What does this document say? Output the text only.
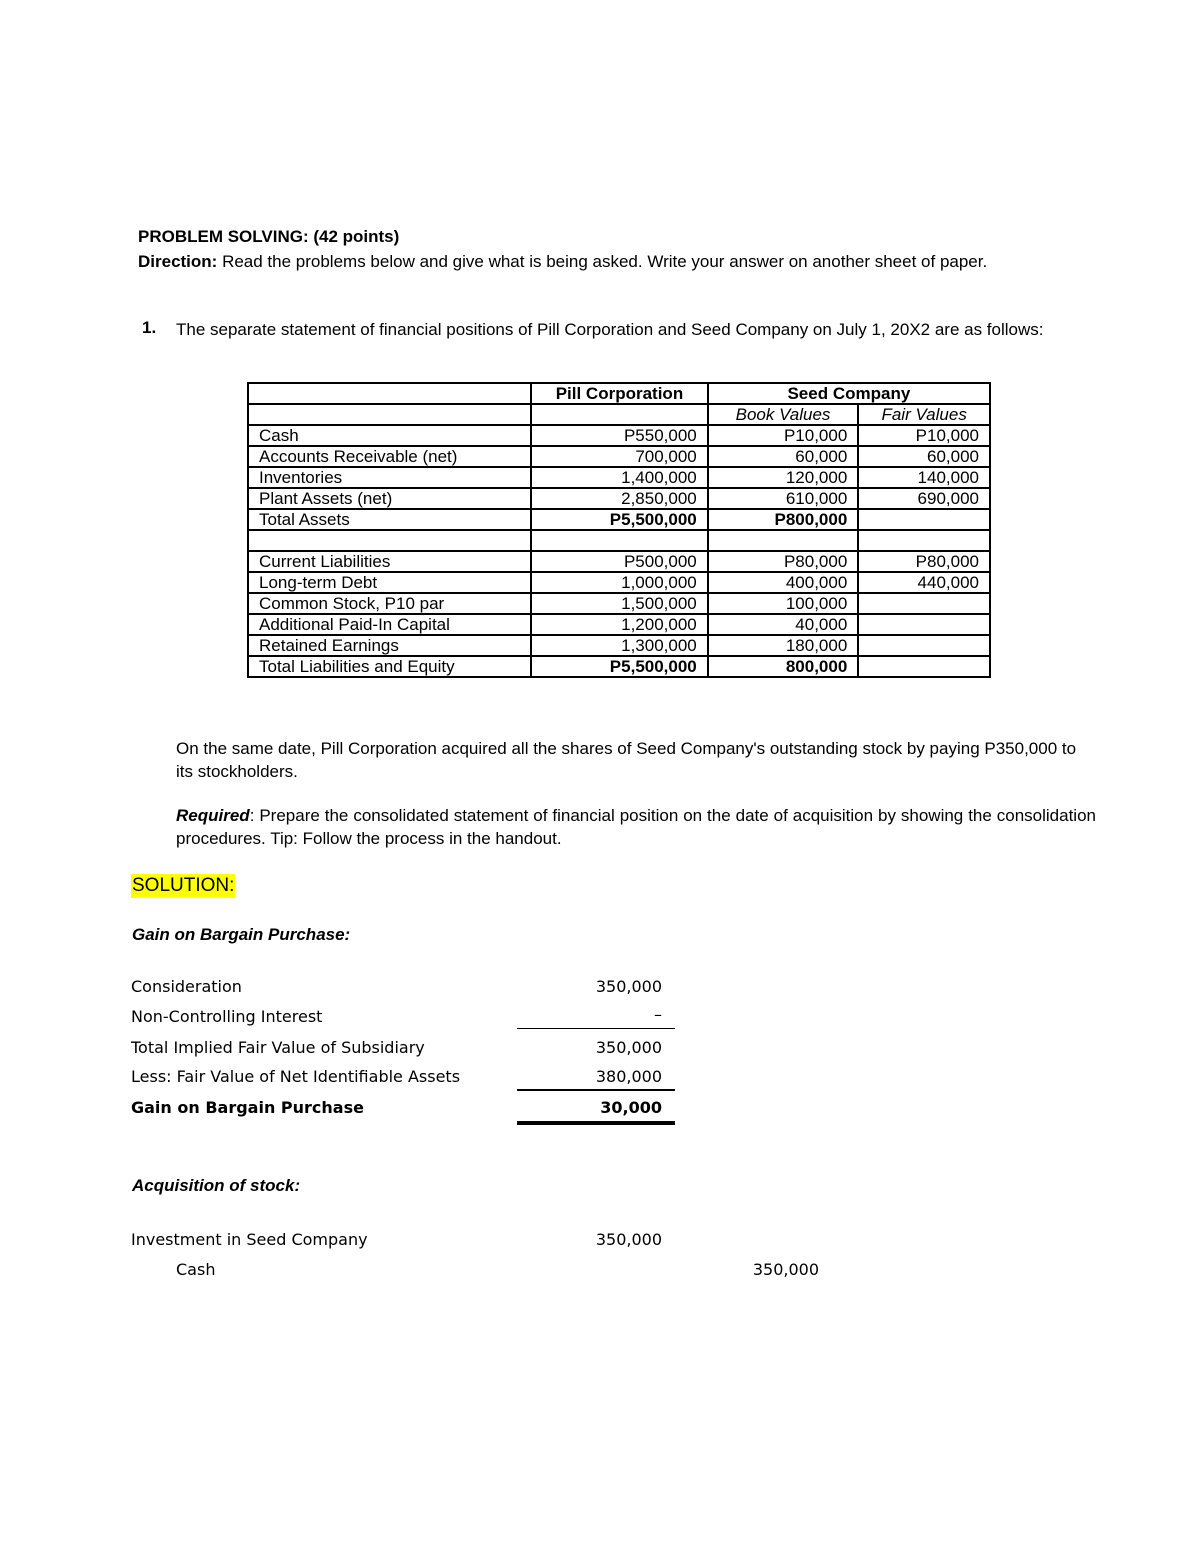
PROBLEM SOLVING: (42 points)
Direction: Read the problems below and give what is being asked. Write your answer on another sheet of paper.
1. The separate statement of financial positions of Pill Corporation and Seed Company on July 1, 20X2 are as follows:
	Pill Corporation	Seed Company	
		Book Values	Fair Values
Cash	P550,000	P10,000	P10,000
Accounts Receivable (net)	700,000	60,000	60,000
Inventories	1,400,000	120,000	140,000
Plant Assets (net)	2,850,000	610,000	690,000
Total Assets	P5,500,000	P800,000	

Current Liabilities	P500,000	P80,000	P80,000
Long-term Debt	1,000,000	400,000	440,000
Common Stock, P10 par	1,500,000	100,000	
Additional Paid-In Capital	1,200,000	40,000	
Retained Earnings	1,300,000	180,000	
Total Liabilities and Equity	P5,500,000	800,000	
On the same date, Pill Corporation acquired all the shares of Seed Company's outstanding stock by paying P350,000 to its stockholders.
Required: Prepare the consolidated statement of financial position on the date of acquisition by showing the consolidation procedures. Tip: Follow the process in the handout.
SOLUTION:
Gain on Bargain Purchase:
Consideration	350,000
Non-Controlling Interest	–
Total Implied Fair Value of Subsidiary	350,000
Less: Fair Value of Net Identifiable Assets	380,000
Gain on Bargain Purchase	30,000
Acquisition of stock:
Investment in Seed Company	350,000
Cash	350,000
